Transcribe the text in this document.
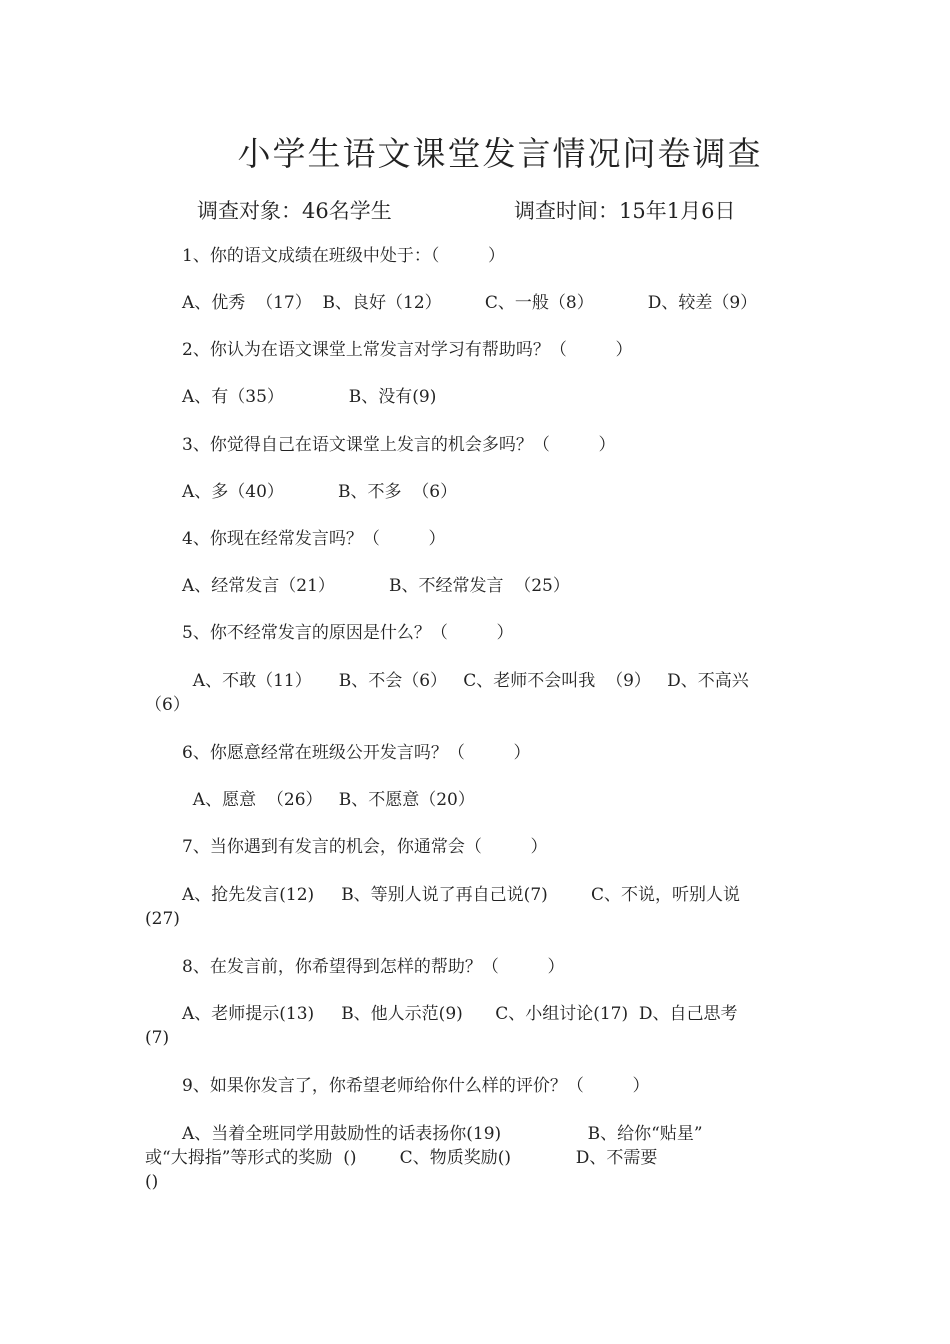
小学生语文课堂发言情况问卷调查
调查对象：46名学生	调查时间：15年1月6日
1、你的语文成绩在班级中处于：（         ）
A、优秀  （17）  B、良好（12）        C、一般（8）          D、较差（9）
2、你认为在语文课堂上常发言对学习有帮助吗？（         ）
A、有（35）            B、没有(9)
3、你觉得自己在语文课堂上发言的机会多吗？（         ）
A、多（40）          B、不多  （6）
4、你现在经常发言吗？（         ）
A、经常发言（21）          B、不经常发言  （25）
5、你不经常发言的原因是什么？（         ）
A、不敢（11）     B、不会（6）   C、老师不会叫我  （9）   D、不高兴
（6）
6、你愿意经常在班级公开发言吗？（         ）
A、愿意  （26）   B、不愿意（20）
7、当你遇到有发言的机会，你通常会（         ）
A、抢先发言(12)     B、等别人说了再自己说(7)        C、不说，听别人说
(27)
8、在发言前，你希望得到怎样的帮助？（         ）
A、老师提示(13)     B、他人示范(9)      C、小组讨论(17)  D、自己思考
(7)
9、如果你发言了，你希望老师给你什么样的评价？（         ）
A、当着全班同学用鼓励性的话表扬你(19)                B、给你“贴星”
或“大拇指”等形式的奖励  ()        C、物质奖励()            D、不需要
()
